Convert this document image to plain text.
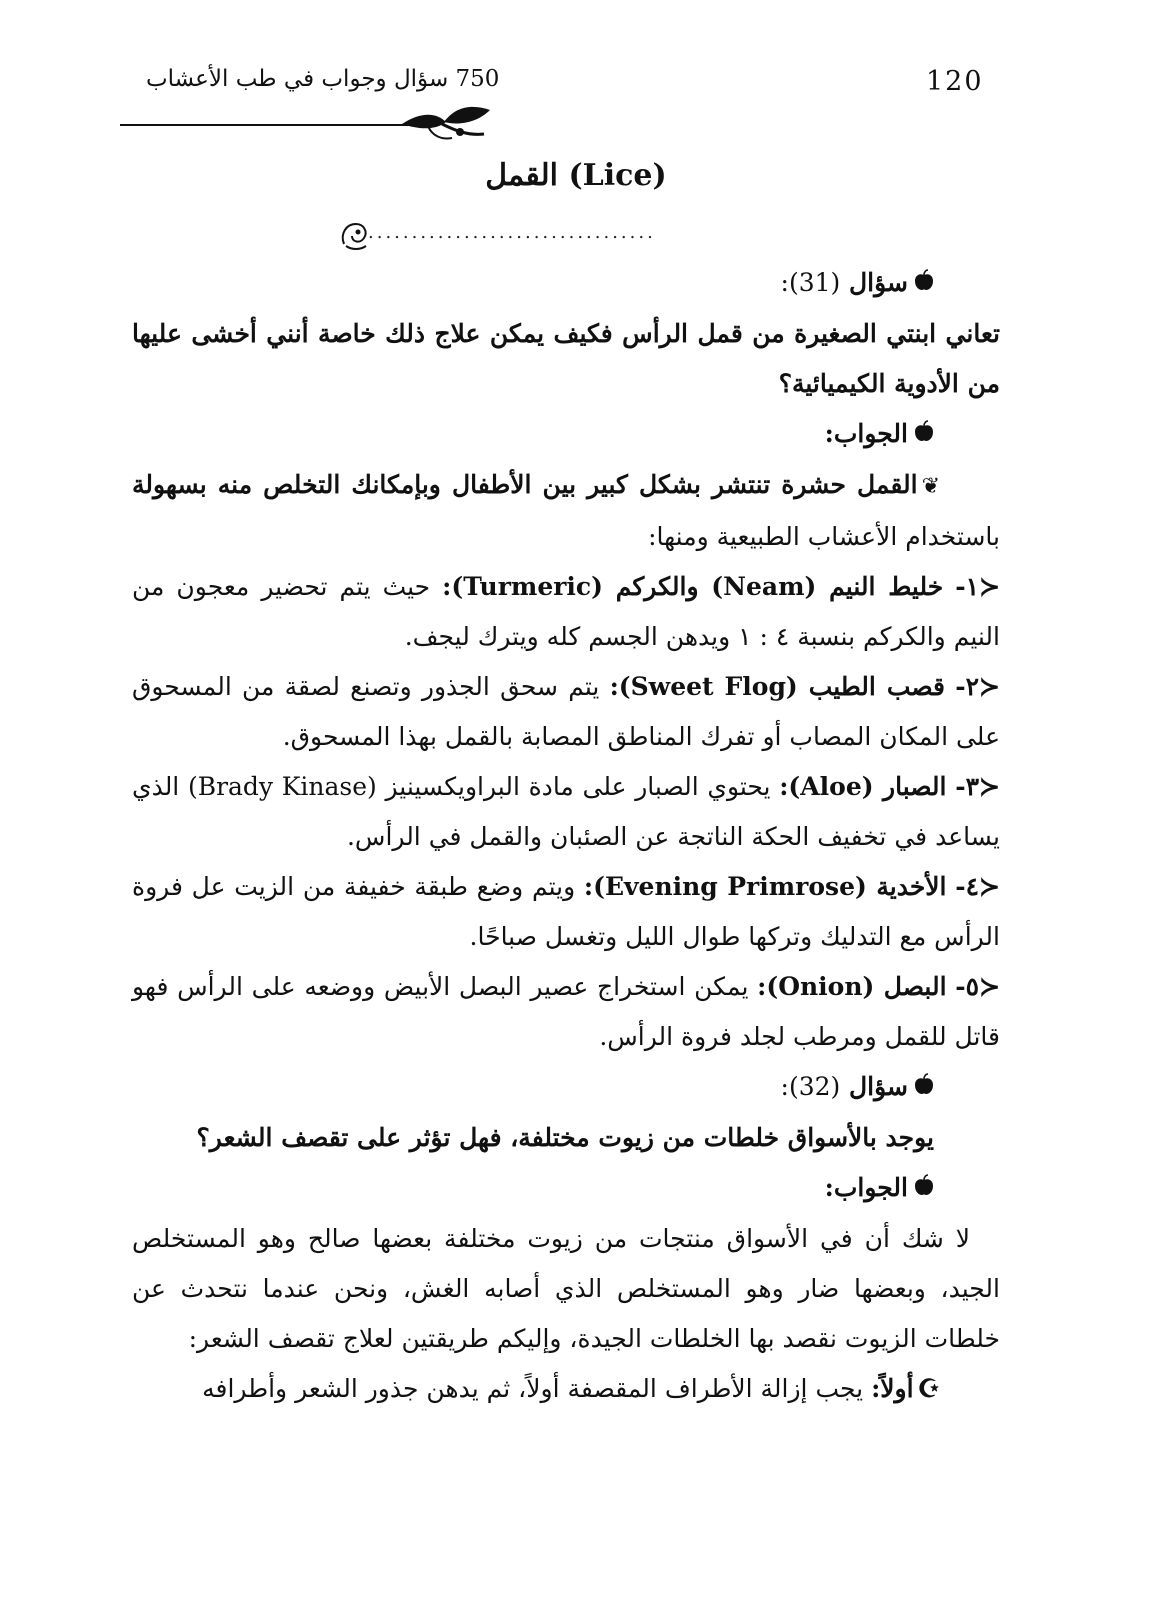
750 سؤال وجواب في طب الأعشاب	120
القمل (Lice)
.................................

سؤال (31):

تعاني ابنتي الصغيرة من قمل الرأس فكيف يمكن علاج ذلك خاصة أنني أخشى عليها من الأدوية الكيميائية؟

الجواب:

❦القمل حشرة تنتشر بشكل كبير بين الأطفال وبإمكانك التخلص منه بسهولة باستخدام الأعشاب الطبيعية ومنها:

≺١- خليط النيم (Neam) والكركم (Turmeric): حيث يتم تحضير معجون من النيم والكركم بنسبة ٤ : ١ ويدهن الجسم كله ويترك ليجف.

≺٢- قصب الطيب (Sweet Flog): يتم سحق الجذور وتصنع لصقة من المسحوق على المكان المصاب أو تفرك المناطق المصابة بالقمل بهذا المسحوق.

≺٣- الصبار (Aloe): يحتوي الصبار على مادة البراويكسينيز (Brady Kinase) الذي يساعد في تخفيف الحكة الناتجة عن الصئبان والقمل في الرأس.

≺٤- الأخدية (Evening Primrose): ويتم وضع طبقة خفيفة من الزيت عل فروة الرأس مع التدليك وتركها طوال الليل وتغسل صباحًا.

≺٥- البصل (Onion): يمكن استخراج عصير البصل الأبيض ووضعه على الرأس فهو قاتل للقمل ومرطب لجلد فروة الرأس.

سؤال (32):

يوجد بالأسواق خلطات من زيوت مختلفة، فهل تؤثر على تقصف الشعر؟

الجواب:

لا شك أن في الأسواق منتجات من زيوت مختلفة بعضها صالح وهو المستخلص الجيد، وبعضها ضار وهو المستخلص الذي أصابه الغش، ونحن عندما نتحدث عن خلطات الزيوت نقصد بها الخلطات الجيدة، وإليكم طريقتين لعلاج تقصف الشعر:

☪أولاً: يجب إزالة الأطراف المقصفة أولاً، ثم يدهن جذور الشعر وأطرافه
